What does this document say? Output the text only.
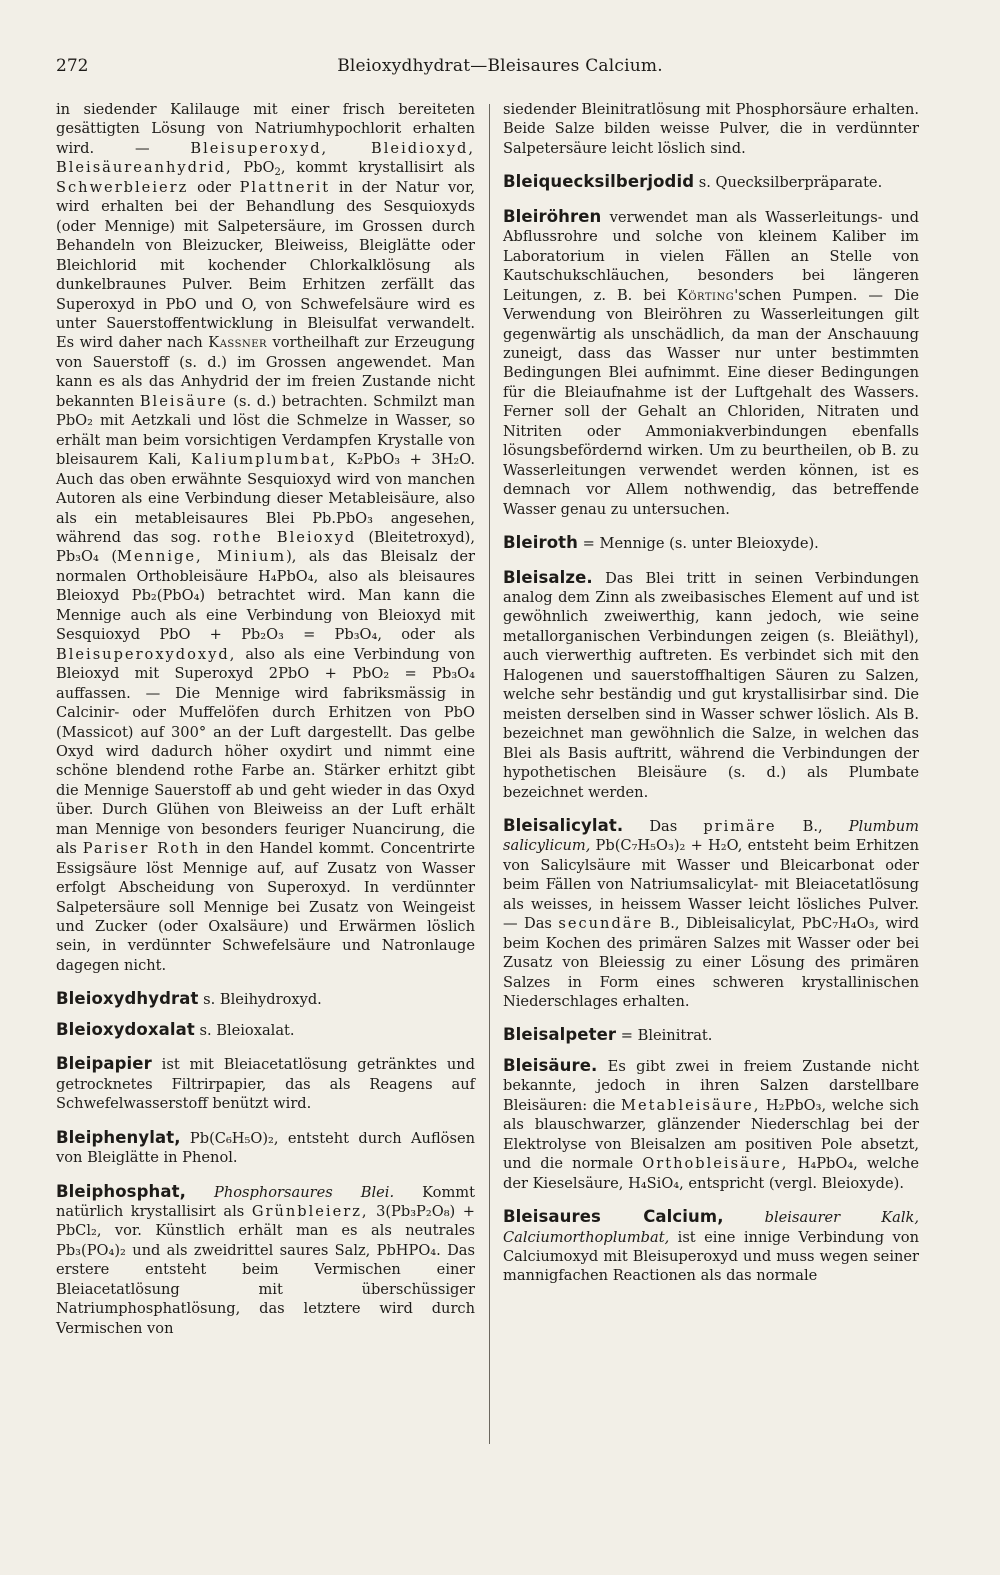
272	Bleioxydhydrat—Bleisaures Calcium.

in siedender Kalilauge mit einer frisch bereiteten gesättigten Lösung von Natriumhypochlorit erhalten wird. — Bleisuperoxyd, Bleidioxyd, Bleisäureanhydrid, PbO$_2$, kommt krystallisirt als Schwerbleierz oder Plattnerit in der Natur vor, wird erhalten bei der Behandlung des Sesquioxyds (oder Mennige) mit Salpetersäure, im Grossen durch Behandeln von Bleizucker, Bleiweiss, Bleiglätte oder Bleichlorid mit kochender Chlorkalklösung als dunkelbraunes Pulver. Beim Erhitzen zerfällt das Superoxyd in PbO und O, von Schwefelsäure wird es unter Sauerstoffentwicklung in Bleisulfat verwandelt. Es wird daher nach Kassner vortheilhaft zur Erzeugung von Sauerstoff (s. d.) im Grossen angewendet. Man kann es als das Anhydrid der im freien Zustande nicht bekannten Bleisäure (s. d.) betrachten. Schmilzt man PbO₂ mit Aetzkali und löst die Schmelze in Wasser, so erhält man beim vorsichtigen Verdampfen Krystalle von bleisaurem Kali, Kaliumplumbat, K₂PbO₃ + 3H₂O. Auch das oben erwähnte Sesquioxyd wird von manchen Autoren als eine Verbindung dieser Metableisäure, also als ein metableisaures Blei Pb.PbO₃ angesehen, während das sog. rothe Bleioxyd (Bleitetroxyd), Pb₃O₄ (Mennige, Minium), als das Bleisalz der normalen Orthobleisäure H₄PbO₄, also als bleisaures Bleioxyd Pb₂(PbO₄) betrachtet wird. Man kann die Mennige auch als eine Verbindung von Bleioxyd mit Sesquioxyd PbO + Pb₂O₃ = Pb₃O₄, oder als Bleisuperoxydoxyd, also als eine Verbindung von Bleioxyd mit Superoxyd 2PbO + PbO₂ = Pb₃O₄ auffassen. — Die Mennige wird fabriksmässig in Calcinir- oder Muffelöfen durch Erhitzen von PbO (Massicot) auf 300° an der Luft dargestellt. Das gelbe Oxyd wird dadurch höher oxydirt und nimmt eine schöne blendend rothe Farbe an. Stärker erhitzt gibt die Mennige Sauerstoff ab und geht wieder in das Oxyd über. Durch Glühen von Bleiweiss an der Luft erhält man Mennige von besonders feuriger Nuancirung, die als Pariser Roth in den Handel kommt. Concentrirte Essigsäure löst Mennige auf, auf Zusatz von Wasser erfolgt Abscheidung von Superoxyd. In verdünnter Salpetersäure soll Mennige bei Zusatz von Weingeist und Zucker (oder Oxalsäure) und Erwärmen löslich sein, in verdünnter Schwefelsäure und Natronlauge dagegen nicht.

Bleioxydhydrat s. Bleihydroxyd.

Bleioxydoxalat s. Bleioxalat.

Bleipapier ist mit Bleiacetatlösung getränktes und getrocknetes Filtrirpapier, das als Reagens auf Schwefelwasserstoff benützt wird.

Bleiphenylat, Pb(C₆H₅O)₂, entsteht durch Auflösen von Bleiglätte in Phenol.

Bleiphosphat, Phosphorsaures Blei. Kommt natürlich krystallisirt als Grünbleierz, 3(Pb₃P₂O₈) + PbCl₂, vor. Künstlich erhält man es als neutrales Pb₃(PO₄)₂ und als zweidrittel saures Salz, PbHPO₄. Das erstere entsteht beim Vermischen einer Bleiacetatlösung mit überschüssiger Natriumphosphatlösung, das letztere wird durch Vermischen von

siedender Bleinitratlösung mit Phosphorsäure erhalten. Beide Salze bilden weisse Pulver, die in verdünnter Salpetersäure leicht löslich sind.

Bleiquecksilberjodid s. Quecksilberpräparate.

Bleiröhren verwendet man als Wasserleitungs- und Abflussrohre und solche von kleinem Kaliber im Laboratorium in vielen Fällen an Stelle von Kautschukschläuchen, besonders bei längeren Leitungen, z. B. bei Körting'schen Pumpen. — Die Verwendung von Bleiröhren zu Wasserleitungen gilt gegenwärtig als unschädlich, da man der Anschauung zuneigt, dass das Wasser nur unter bestimmten Bedingungen Blei aufnimmt. Eine dieser Bedingungen für die Bleiaufnahme ist der Luftgehalt des Wassers. Ferner soll der Gehalt an Chloriden, Nitraten und Nitriten oder Ammoniakverbindungen ebenfalls lösungsbefördernd wirken. Um zu beurtheilen, ob B. zu Wasserleitungen verwendet werden können, ist es demnach vor Allem nothwendig, das betreffende Wasser genau zu untersuchen.

Bleiroth = Mennige (s. unter Bleioxyde).

Bleisalze. Das Blei tritt in seinen Verbindungen analog dem Zinn als zweibasisches Element auf und ist gewöhnlich zweiwerthig, kann jedoch, wie seine metallorganischen Verbindungen zeigen (s. Bleiäthyl), auch vierwerthig auftreten. Es verbindet sich mit den Halogenen und sauerstoffhaltigen Säuren zu Salzen, welche sehr beständig und gut krystallisirbar sind. Die meisten derselben sind in Wasser schwer löslich. Als B. bezeichnet man gewöhnlich die Salze, in welchen das Blei als Basis auftritt, während die Verbindungen der hypothetischen Bleisäure (s. d.) als Plumbate bezeichnet werden.

Bleisalicylat. Das primäre B., Plumbum salicylicum, Pb(C₇H₅O₃)₂ + H₂O, entsteht beim Erhitzen von Salicylsäure mit Wasser und Bleicarbonat oder beim Fällen von Natriumsalicylat- mit Bleiacetatlösung als weisses, in heissem Wasser leicht lösliches Pulver. — Das secundäre B., Dibleisalicylat, PbC₇H₄O₃, wird beim Kochen des primären Salzes mit Wasser oder bei Zusatz von Bleiessig zu einer Lösung des primären Salzes in Form eines schweren krystallinischen Niederschlages erhalten.

Bleisalpeter = Bleinitrat.

Bleisäure. Es gibt zwei in freiem Zustande nicht bekannte, jedoch in ihren Salzen darstellbare Bleisäuren: die Metableisäure, H₂PbO₃, welche sich als blauschwarzer, glänzender Niederschlag bei der Elektrolyse von Bleisalzen am positiven Pole absetzt, und die normale Orthobleisäure, H₄PbO₄, welche der Kieselsäure, H₄SiO₄, entspricht (vergl. Bleioxyde).

Bleisaures Calcium, bleisaurer Kalk, Calciumorthoplumbat, ist eine innige Verbindung von Calciumoxyd mit Bleisuperoxyd und muss wegen seiner mannigfachen Reactionen als das normale
